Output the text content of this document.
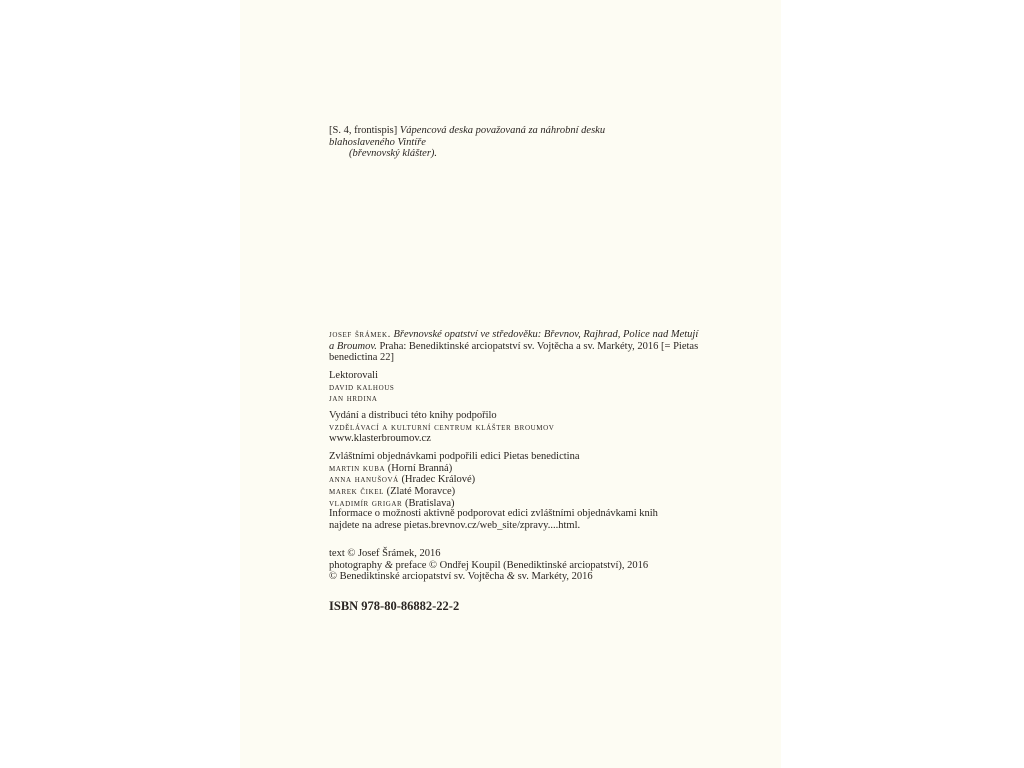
[S. 4, frontispis] Vápencová deska považovaná za náhrobní desku blahoslaveného Vintíře
(břevnovský klášter).
josef šrámek. Břevnovské opatství ve středověku: Břevnov, Rajhrad, Police nad Metují
a Broumov. Praha: Benediktinské arciopatství sv. Vojtěcha a sv. Markéty, 2016 [= Pietas
benedictina 22]
Lektorovali
david kalhous
jan hrdina
Vydání a distribuci této knihy podpořilo
vzdělávací a kulturní centrum klášter broumov
www.klasterbroumov.cz
Zvláštními objednávkami podpořili edici Pietas benedictina
martin kuba (Horní Branná)
anna hanušová (Hradec Králové)
marek čikel (Zlaté Moravce)
vladimír grigar (Bratislava)
Informace o možnosti aktivně podporovat edici zvláštními objednávkami knih
najdete na adrese pietas.brevnov.cz/web_site/zpravy....html.
text © Josef Šrámek, 2016
photography & preface © Ondřej Koupil (Benediktinské arciopatství), 2016
© Benediktinské arciopatství sv. Vojtěcha & sv. Markéty, 2016
ISBN 978-80-86882-22-2
